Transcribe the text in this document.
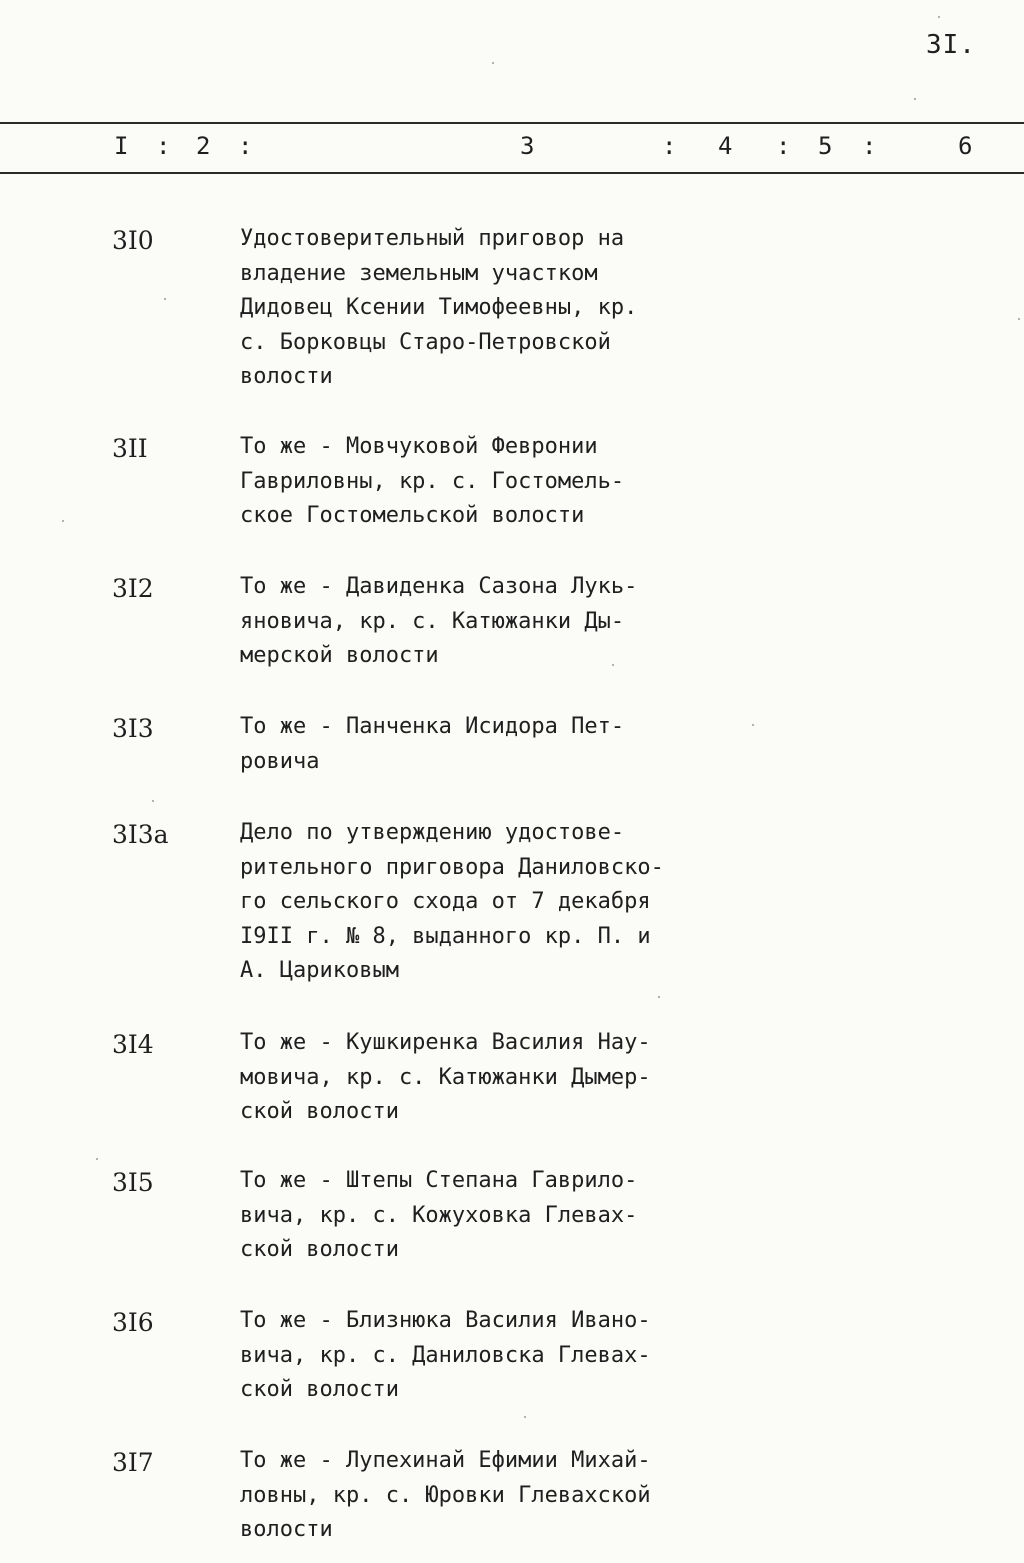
3I.
I : 2 :	3	: 4 : 5 :	6
3I0	Удостоверительный приговор на
владение земельным участком
Дидовец Ксении Тимофеевны, кр.
с. Борковцы Старо-Петровской
волости
3II	То же - Мовчуковой Февронии
Гавриловны, кр. с. Гостомель-
ское Гостомельской волости
3I2	То же - Давиденка Сазона Лукь-
яновича, кр. с. Катюжанки Ды-
мерской волости
3I3	То же - Панченка Исидора Пет-
ровича
3I3а	Дело по утверждению удостове-
рительного приговора Даниловско-
го сельского схода от 7 декабря
I9II г. № 8, выданного кр. П. и
А. Цариковым
3I4	То же - Кушкиренка Василия Нау-
мовича, кр. с. Катюжанки Дымер-
ской волости
3I5	То же - Штепы Степана Гаврило-
вича, кр. с. Кожуховка Глевах-
ской волости
3I6	То же - Близнюка Василия Ивано-
вича, кр. с. Даниловска Глевах-
ской волости
3I7	То же - Лупехинай Ефимии Михай-
ловны, кр. с. Юровки Глевахской
волости
